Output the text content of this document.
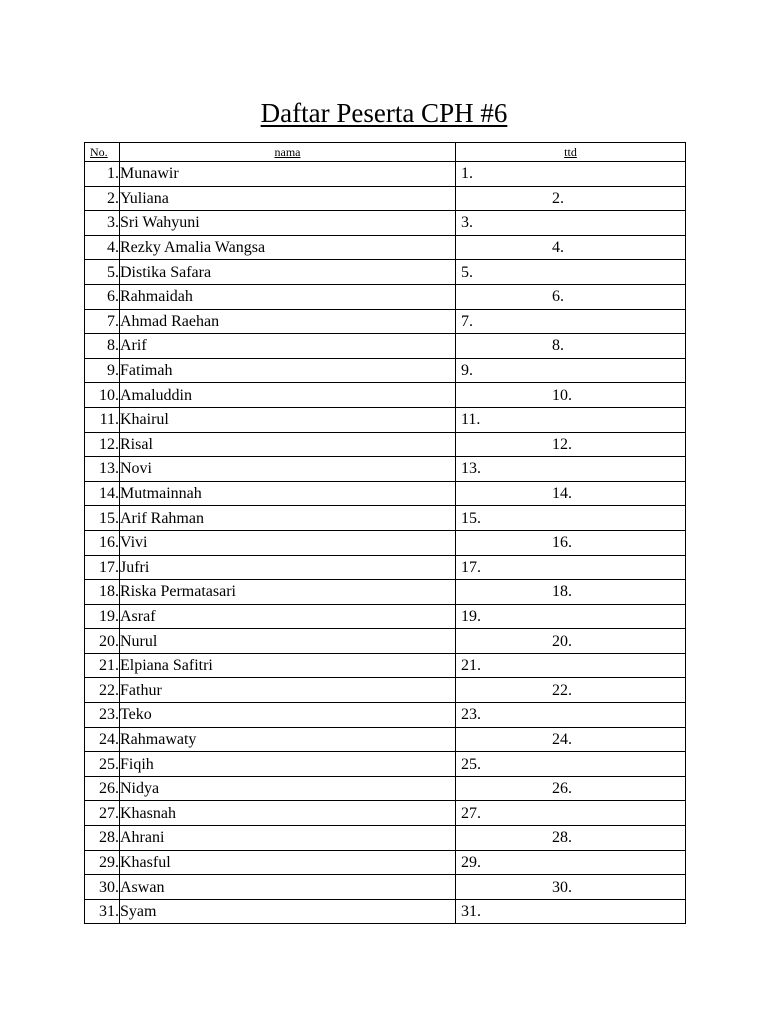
Daftar Peserta CPH #6
No.	nama	ttd
1.	Munawir	1.
2.	Yuliana	2.
3.	Sri Wahyuni	3.
4.	Rezky Amalia Wangsa	4.
5.	Distika Safara	5.
6.	Rahmaidah	6.
7.	Ahmad Raehan	7.
8.	Arif	8.
9.	Fatimah	9.
10.	Amaluddin	10.
11.	Khairul	11.
12.	Risal	12.
13.	Novi	13.
14.	Mutmainnah	14.
15.	Arif Rahman	15.
16.	Vivi	16.
17.	Jufri	17.
18.	Riska Permatasari	18.
19.	Asraf	19.
20.	Nurul	20.
21.	Elpiana Safitri	21.
22.	Fathur	22.
23.	Teko	23.
24.	Rahmawaty	24.
25.	Fiqih	25.
26.	Nidya	26.
27.	Khasnah	27.
28.	Ahrani	28.
29.	Khasful	29.
30.	Aswan	30.
31.	Syam	31.
